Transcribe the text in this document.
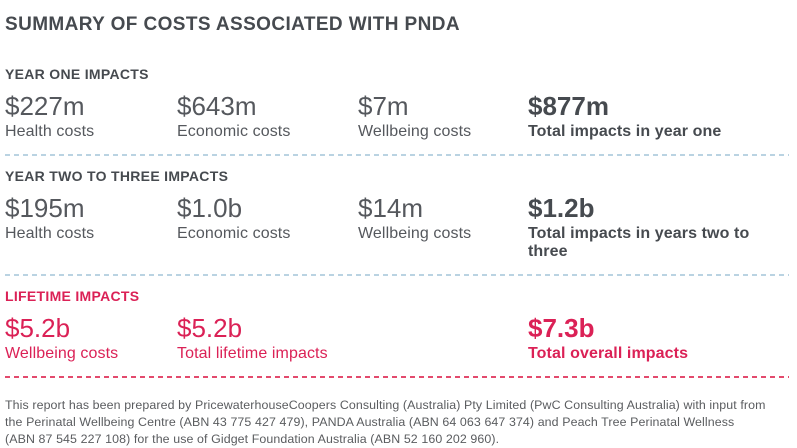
SUMMARY OF COSTS ASSOCIATED WITH PNDA
YEAR ONE IMPACTS
$227m
Health costs
$643m
Economic costs
$7m
Wellbeing costs
$877m
Total impacts in year one
YEAR TWO TO THREE IMPACTS
$195m
Health costs
$1.0b
Economic costs
$14m
Wellbeing costs
$1.2b
Total impacts in years two to three
LIFETIME IMPACTS
$5.2b
Wellbeing costs
$5.2b
Total lifetime impacts
$7.3b
Total overall impacts

This report has been prepared by PricewaterhouseCoopers Consulting (Australia) Pty Limited (PwC Consulting Australia) with input from the Perinatal Wellbeing Centre (ABN 43 775 427 479), PANDA Australia (ABN 64 063 647 374) and Peach Tree Perinatal Wellness (ABN 87 545 227 108) for the use of Gidget Foundation Australia (ABN 52 160 202 960).
